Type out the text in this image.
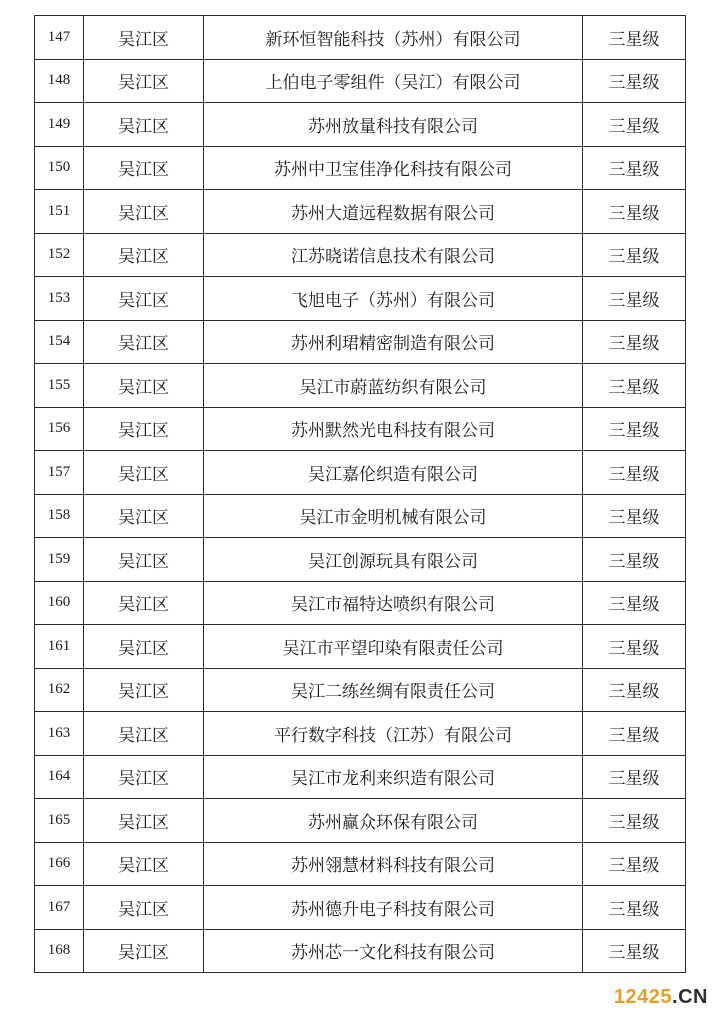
147	吴江区	新环恒智能科技（苏州）有限公司	三星级
148	吴江区	上伯电子零组件（吴江）有限公司	三星级
149	吴江区	苏州放量科技有限公司	三星级
150	吴江区	苏州中卫宝佳净化科技有限公司	三星级
151	吴江区	苏州大道远程数据有限公司	三星级
152	吴江区	江苏晓诺信息技术有限公司	三星级
153	吴江区	飞旭电子（苏州）有限公司	三星级
154	吴江区	苏州利珺精密制造有限公司	三星级
155	吴江区	吴江市蔚蓝纺织有限公司	三星级
156	吴江区	苏州默然光电科技有限公司	三星级
157	吴江区	吴江嘉伦织造有限公司	三星级
158	吴江区	吴江市金明机械有限公司	三星级
159	吴江区	吴江创源玩具有限公司	三星级
160	吴江区	吴江市福特达喷织有限公司	三星级
161	吴江区	吴江市平望印染有限责任公司	三星级
162	吴江区	吴江二练丝绸有限责任公司	三星级
163	吴江区	平行数字科技（江苏）有限公司	三星级
164	吴江区	吴江市龙利来织造有限公司	三星级
165	吴江区	苏州赢众环保有限公司	三星级
166	吴江区	苏州翎慧材料科技有限公司	三星级
167	吴江区	苏州德升电子科技有限公司	三星级
168	吴江区	苏州芯一文化科技有限公司	三星级
12425.CN
